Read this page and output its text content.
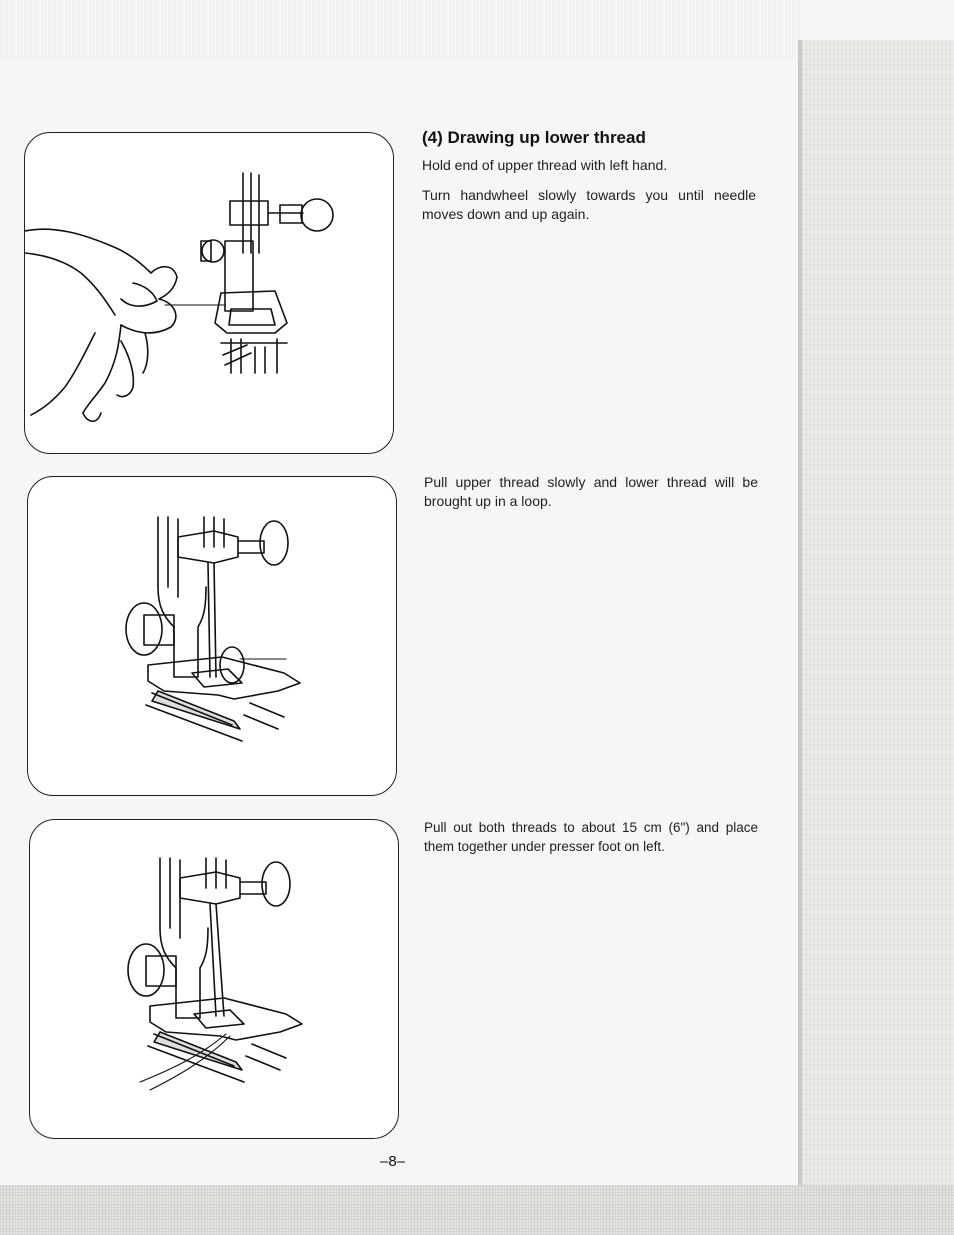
(4) Drawing up lower thread

Hold end of upper thread with left hand.

Turn handwheel slowly towards you until needle moves down and up again.

Pull upper thread slowly and lower thread will be brought up in a loop.

Pull out both threads to about 15 cm (6") and place them together under presser foot on left.

–8–
